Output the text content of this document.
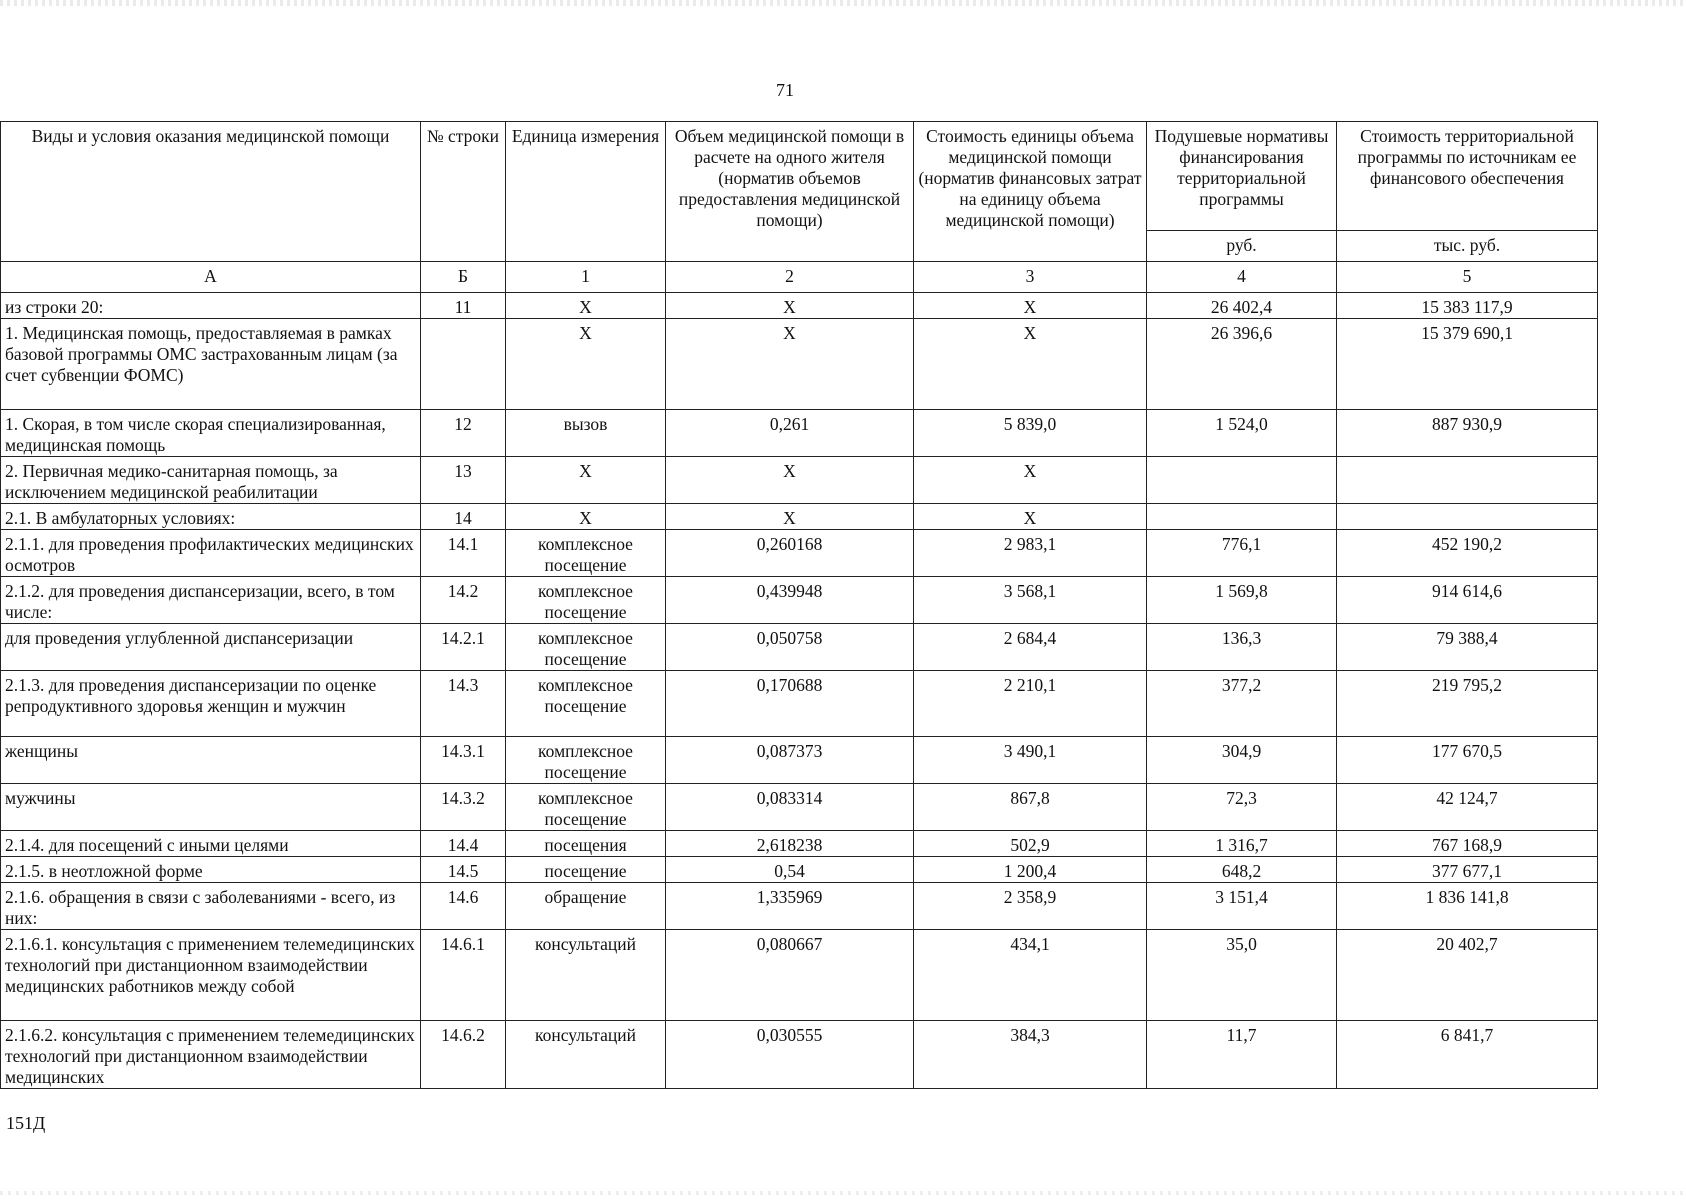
71
Виды и условия оказания медицинской помощи	№ строки	Единица измерения	Объем медицинской помощи в расчете на одного жителя (норматив объемов предоставления медицинской помощи)	Стоимость единицы объема медицинской помощи (норматив финансовых затрат на единицу объема медицинской помощи)	Подушевые нормативы финансирования территориальной программы	Стоимость территориальной программы по источникам ее финансового обеспечения
					руб.	тыс. руб.
А	Б	1	2	3	4	5
из строки 20:	11	X	X	X	26 402,4	15 383 117,9
1. Медицинская помощь, предоставляемая в рамках базовой программы ОМС застрахованным лицам (за счет субвенции ФОМС)		X	X	X	26 396,6	15 379 690,1
1. Скорая, в том числе скорая специализированная, медицинская помощь	12	вызов	0,261	5 839,0	1 524,0	887 930,9
2. Первичная медико-санитарная помощь, за исключением медицинской реабилитации	13	X	X	X		
2.1. В амбулаторных условиях:	14	X	X	X		
2.1.1. для проведения профилактических медицинских осмотров	14.1	комплексное посещение	0,260168	2 983,1	776,1	452 190,2
2.1.2. для проведения диспансеризации, всего, в том числе:	14.2	комплексное посещение	0,439948	3 568,1	1 569,8	914 614,6
для проведения углубленной диспансеризации	14.2.1	комплексное посещение	0,050758	2 684,4	136,3	79 388,4
2.1.3. для проведения диспансеризации по оценке репродуктивного здоровья женщин и мужчин	14.3	комплексное посещение	0,170688	2 210,1	377,2	219 795,2
женщины	14.3.1	комплексное посещение	0,087373	3 490,1	304,9	177 670,5
мужчины	14.3.2	комплексное посещение	0,083314	867,8	72,3	42 124,7
2.1.4. для посещений с иными целями	14.4	посещения	2,618238	502,9	1 316,7	767 168,9
2.1.5. в неотложной форме	14.5	посещение	0,54	1 200,4	648,2	377 677,1
2.1.6. обращения в связи с заболеваниями - всего, из них:	14.6	обращение	1,335969	2 358,9	3 151,4	1 836 141,8
2.1.6.1. консультация с применением телемедицинских технологий при дистанционном взаимодействии медицинских работников между собой	14.6.1	консультаций	0,080667	434,1	35,0	20 402,7
2.1.6.2. консультация с применением телемедицинских технологий при дистанционном взаимодействии медицинских	14.6.2	консультаций	0,030555	384,3	11,7	6 841,7
151Д
